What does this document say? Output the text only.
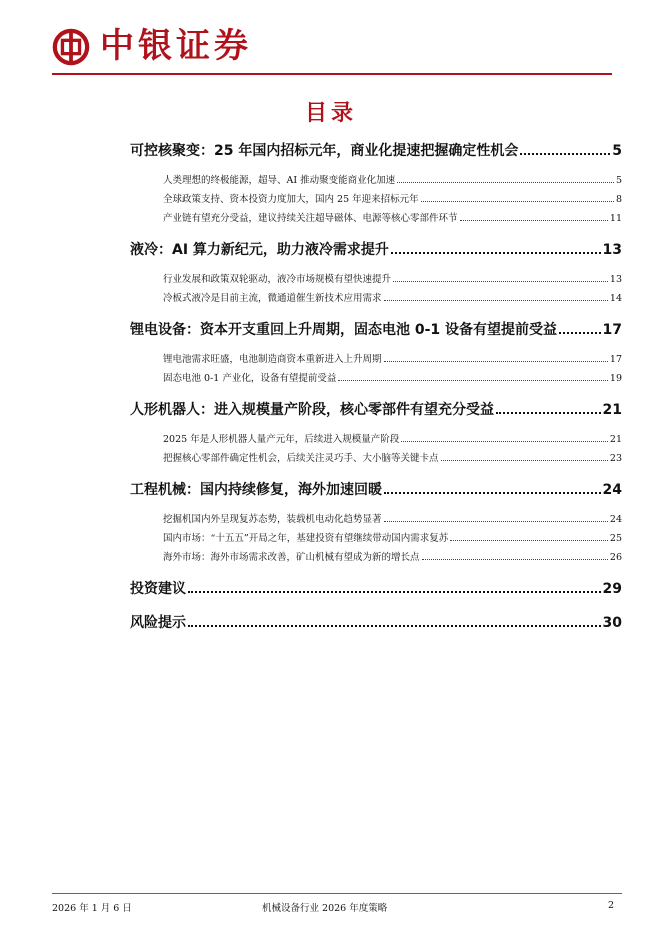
中银证券
目录
可控核聚变：25 年国内招标元年，商业化提速把握确定性机会	5
人类理想的终极能源，超导、AI 推动聚变能商业化加速	5
全球政策支持、资本投资力度加大，国内 25 年迎来招标元年	8
产业链有望充分受益，建议持续关注超导磁体、电源等核心零部件环节	11
液冷：AI 算力新纪元，助力液冷需求提升	13
行业发展和政策双轮驱动，液冷市场规模有望快速提升	13
冷板式液冷是目前主流，微通道催生新技术应用需求	14
锂电设备：资本开支重回上升周期，固态电池 0-1 设备有望提前受益	17
锂电池需求旺盛，电池制造商资本重新进入上升周期	17
固态电池 0-1 产业化，设备有望提前受益	19
人形机器人：进入规模量产阶段，核心零部件有望充分受益	21
2025 年是人形机器人量产元年，后续进入规模量产阶段	21
把握核心零部件确定性机会，后续关注灵巧手、大小脑等关键卡点	23
工程机械：国内持续修复，海外加速回暖	24
挖掘机国内外呈现复苏态势，装载机电动化趋势显著	24
国内市场：“十五五”开局之年，基建投资有望继续带动国内需求复苏	25
海外市场：海外市场需求改善，矿山机械有望成为新的增长点	26
投资建议	29
风险提示	30
2026 年 1 月 6 日	机械设备行业 2026 年度策略	2
